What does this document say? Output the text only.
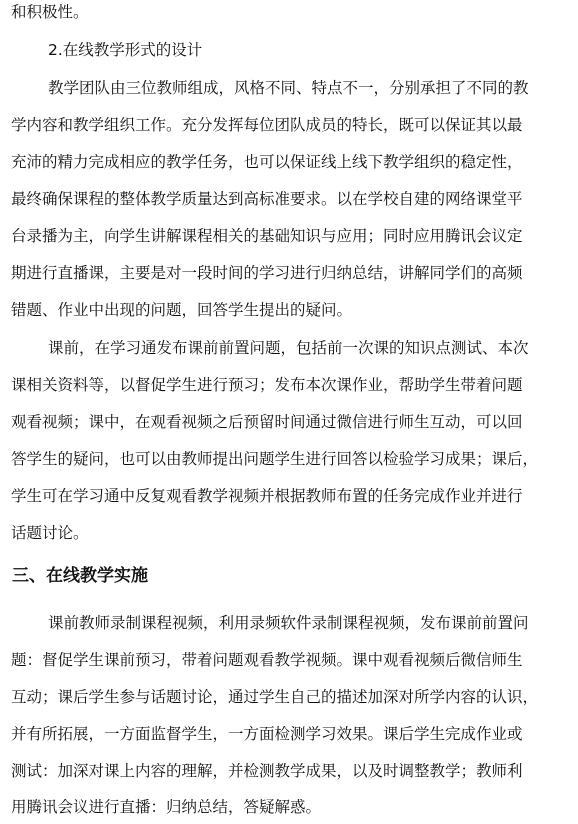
和积极性。
2.在线教学形式的设计
教学团队由三位教师组成，风格不同、特点不一，分别承担了不同的教
学内容和教学组织工作。充分发挥每位团队成员的特长，既可以保证其以最
充沛的精力完成相应的教学任务，也可以保证线上线下教学组织的稳定性，
最终确保课程的整体教学质量达到高标准要求。以在学校自建的网络课堂平
台录播为主，向学生讲解课程相关的基础知识与应用；同时应用腾讯会议定
期进行直播课，主要是对一段时间的学习进行归纳总结，讲解同学们的高频
错题、作业中出现的问题，回答学生提出的疑问。
课前，在学习通发布课前前置问题，包括前一次课的知识点测试、本次
课相关资料等，以督促学生进行预习；发布本次课作业，帮助学生带着问题
观看视频；课中，在观看视频之后预留时间通过微信进行师生互动，可以回
答学生的疑问，也可以由教师提出问题学生进行回答以检验学习成果；课后，
学生可在学习通中反复观看教学视频并根据教师布置的任务完成作业并进行
话题讨论。
三、在线教学实施
课前教师录制课程视频，利用录频软件录制课程视频，发布课前前置问
题：督促学生课前预习，带着问题观看教学视频。课中观看视频后微信师生
互动；课后学生参与话题讨论，通过学生自己的描述加深对所学内容的认识，
并有所拓展，一方面监督学生，一方面检测学习效果。课后学生完成作业或
测试：加深对课上内容的理解，并检测教学成果，以及时调整教学；教师利
用腾讯会议进行直播：归纳总结，答疑解惑。
